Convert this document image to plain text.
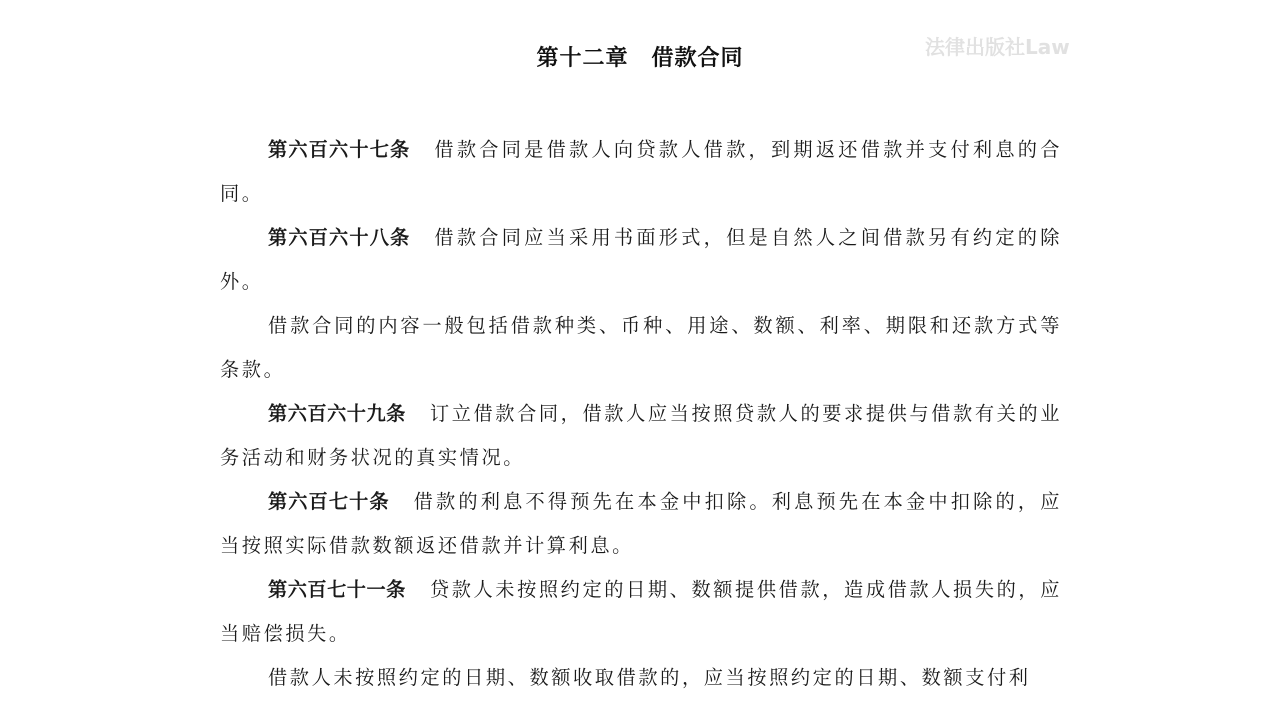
第十二章　借款合同	法律出版社Law

第六百六十七条 借款合同是借款人向贷款人借款，到期返还借款并支付利息的合同。

第六百六十八条 借款合同应当采用书面形式，但是自然人之间借款另有约定的除外。

借款合同的内容一般包括借款种类、币种、用途、数额、利率、期限和还款方式等条款。

第六百六十九条 订立借款合同，借款人应当按照贷款人的要求提供与借款有关的业务活动和财务状况的真实情况。

第六百七十条 借款的利息不得预先在本金中扣除。利息预先在本金中扣除的，应当按照实际借款数额返还借款并计算利息。

第六百七十一条 贷款人未按照约定的日期、数额提供借款，造成借款人损失的，应当赔偿损失。

借款人未按照约定的日期、数额收取借款的，应当按照约定的日期、数额支付利
